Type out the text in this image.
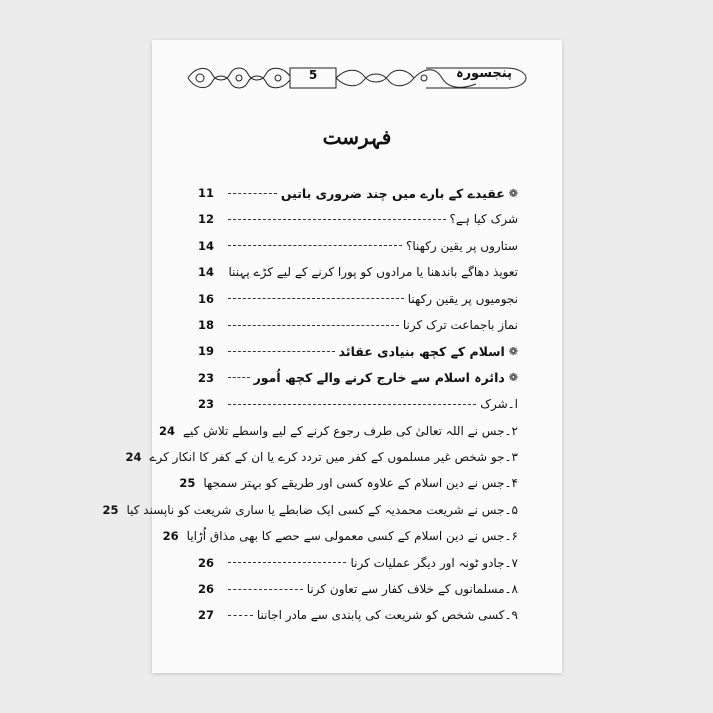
5	پنجسورہ
فہرست
❁
عقیدے کے بارے میں چند ضروری باتیں
11
شرک کیا ہے؟
12
ستاروں پر یقین رکھنا؟
14
تعویذ دھاگے باندھنا یا مرادوں کو پورا کرنے کے لیے کڑے پہننا
14
نجومیوں پر یقین رکھنا
16
نماز باجماعت ترک کرنا
18
❁
اسلام کے کچھ بنیادی عقائد
19
❁
دائرہ اسلام سے خارج کرنے والے کچھ اُمور
23
ا۔شرک
23
۲۔جس نے اللہ تعالیٰ کی طرف رجوع کرنے کے لیے واسطے تلاش کیے
24
۳۔جو شخص غیر مسلموں کے کفر میں تردد کرے یا ان کے کفر کا انکار کرے
24
۴۔جس نے دین اسلام کے علاوہ کسی اور طریقے کو بہتر سمجھا
25
۵۔جس نے شریعت محمدیہ کے کسی ایک ضابطے یا ساری شریعت کو ناپسند کیا
25
۶۔جس نے دین اسلام کے کسی معمولی سے حصے کا بھی مذاق اُڑایا
26
۷۔جادو ٹونہ اور دیگر عملیات کرنا
26
۸۔مسلمانوں کے خلاف کفار سے تعاون کرنا
26
۹۔کسی شخص کو شریعت کی پابندی سے مادر اجاننا
27
